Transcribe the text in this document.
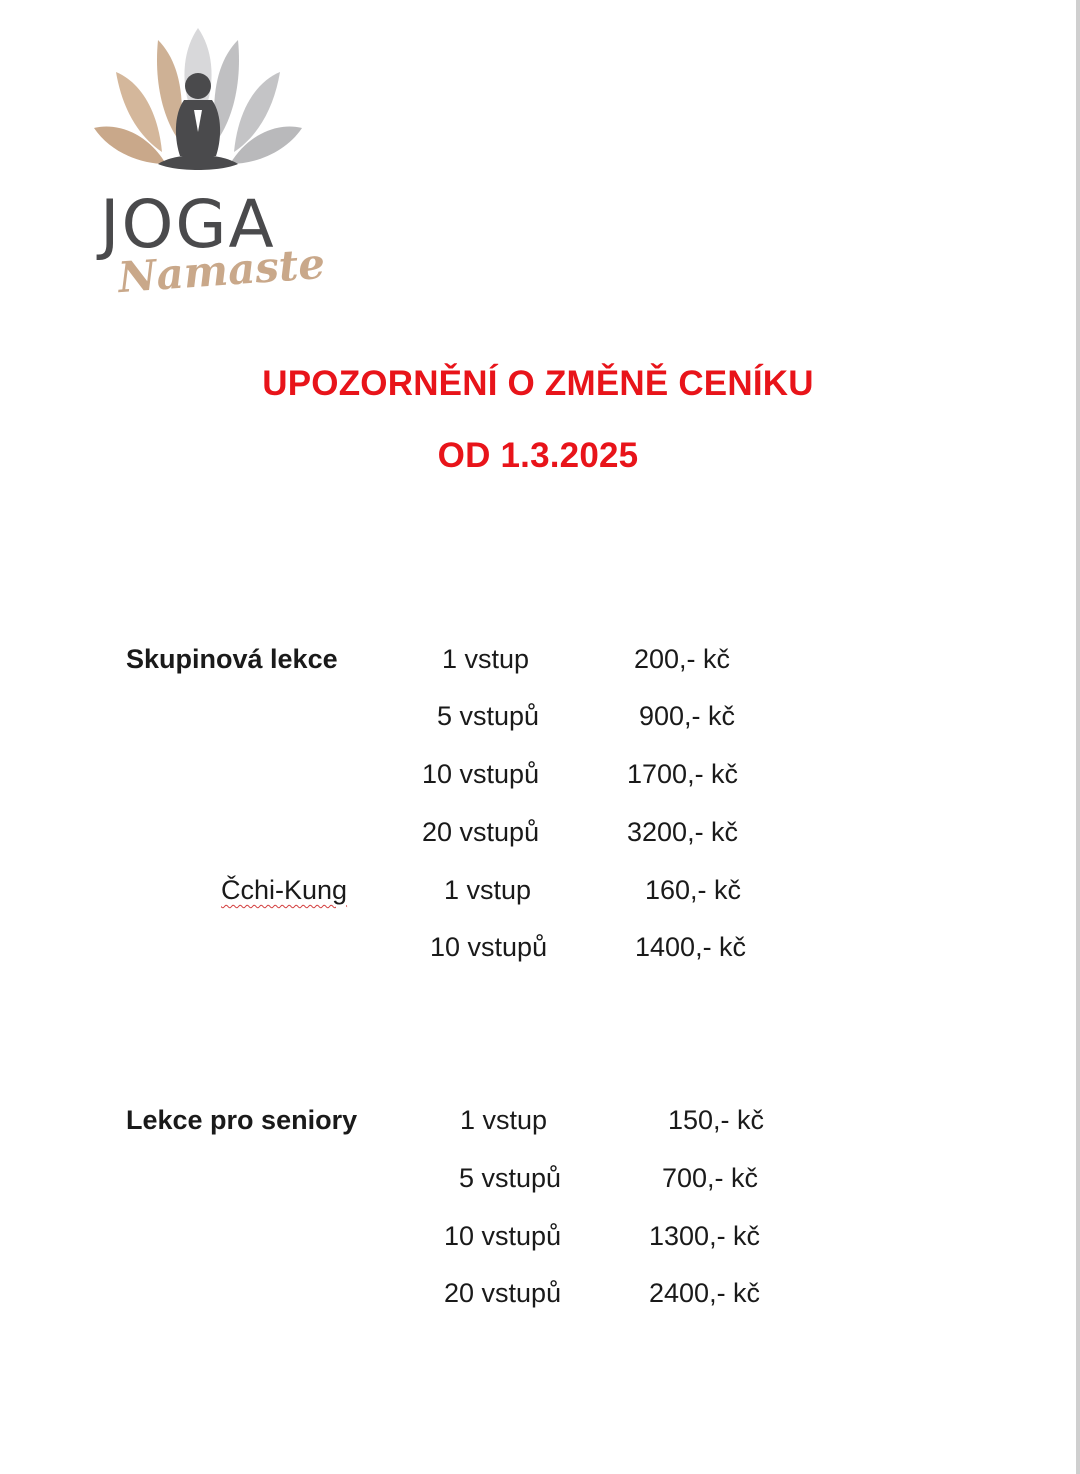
JOGA
Namaste
UPOZORNĚNÍ O ZMĚNĚ CENÍKU
OD 1.3.2025
Skupinová lekce	1 vstup	200,- kč
5 vstupů	900,- kč
10 vstupů	1700,- kč
20 vstupů	3200,- kč
Čchi-Kung	1 vstup	160,- kč
10 vstupů	1400,- kč
Lekce pro seniory	1 vstup	150,- kč
5 vstupů	700,- kč
10 vstupů	1300,- kč
20 vstupů	2400,- kč
